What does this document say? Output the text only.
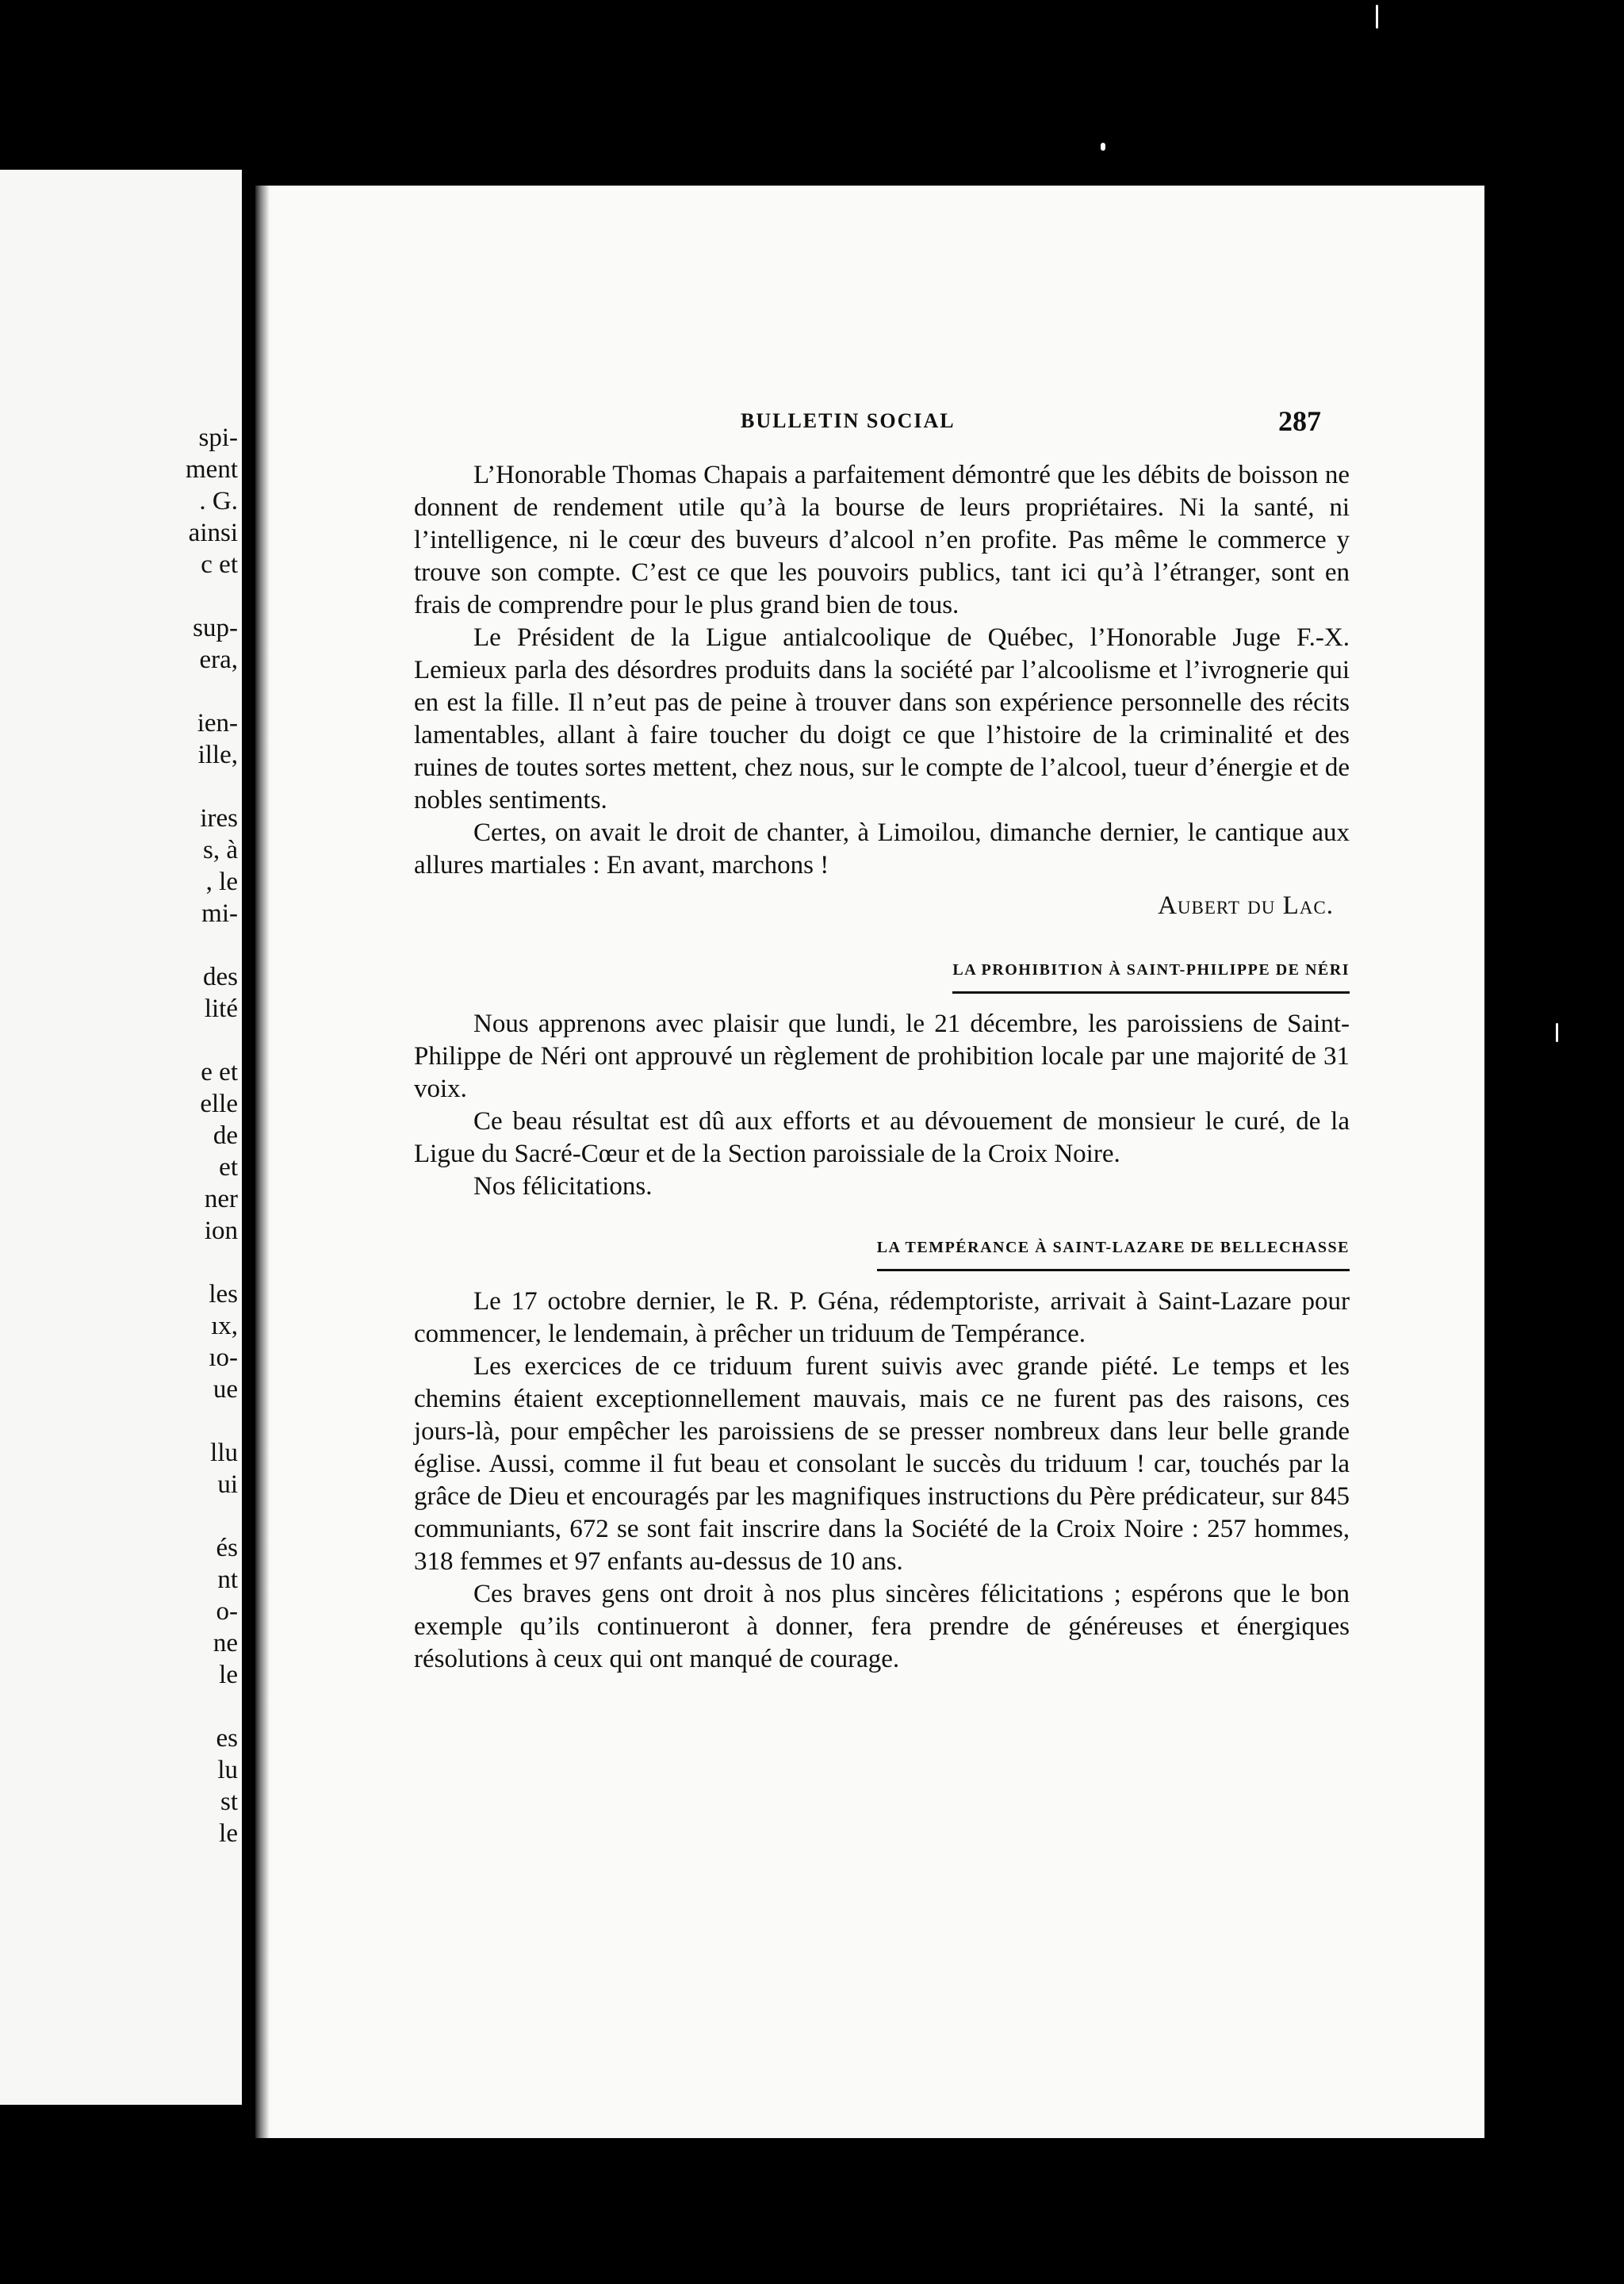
spi-
ment
. G.
ainsi
c et
sup-
era,
ien-
ille,
ires
s, à
, le
mi-
des
lité
e et
elle
de
et
ner
ion
les
ıx,
ıo-
ue
llu
ui
és
nt
o-
ne
le
es
lu
st
le
BULLETIN SOCIAL	287

L’Honorable Thomas Chapais a parfaitement démontré que les débits de boisson ne donnent de rendement utile qu’à la bourse de leurs propriétaires. Ni la santé, ni l’intelligence, ni le cœur des buveurs d’alcool n’en profite. Pas même le commerce y trouve son compte. C’est ce que les pouvoirs publics, tant ici qu’à l’étranger, sont en frais de comprendre pour le plus grand bien de tous.

Le Président de la Ligue antialcoolique de Québec, l’Honorable Juge F.-X. Lemieux parla des désordres produits dans la société par l’alcoolisme et l’ivrognerie qui en est la fille. Il n’eut pas de peine à trouver dans son expérience personnelle des récits lamentables, allant à faire toucher du doigt ce que l’histoire de la criminalité et des ruines de toutes sortes mettent, chez nous, sur le compte de l’alcool, tueur d’énergie et de nobles sentiments.

Certes, on avait le droit de chanter, à Limoilou, dimanche dernier, le cantique aux allures martiales : En avant, marchons !

Aubert du Lac.
LA PROHIBITION À SAINT-PHILIPPE DE NÉRI

Nous apprenons avec plaisir que lundi, le 21 décembre, les paroissiens de Saint-Philippe de Néri ont approuvé un règlement de prohibition locale par une majorité de 31 voix.

Ce beau résultat est dû aux efforts et au dévouement de monsieur le curé, de la Ligue du Sacré-Cœur et de la Section paroissiale de la Croix Noire.

Nos félicitations.

LA TEMPÉRANCE À SAINT-LAZARE DE BELLECHASSE

Le 17 octobre dernier, le R. P. Géna, rédemptoriste, arrivait à Saint-Lazare pour commencer, le lendemain, à prêcher un triduum de Tempérance.

Les exercices de ce triduum furent suivis avec grande piété. Le temps et les chemins étaient exceptionnellement mauvais, mais ce ne furent pas des raisons, ces jours-là, pour empêcher les paroissiens de se presser nombreux dans leur belle grande église. Aussi, comme il fut beau et consolant le succès du triduum ! car, touchés par la grâce de Dieu et encouragés par les magnifiques instructions du Père prédicateur, sur 845 communiants, 672 se sont fait inscrire dans la Société de la Croix Noire : 257 hommes, 318 femmes et 97 enfants au-dessus de 10 ans.

Ces braves gens ont droit à nos plus sincères félicitations ; espérons que le bon exemple qu’ils continueront à donner, fera prendre de généreuses et énergiques résolutions à ceux qui ont manqué de courage.
